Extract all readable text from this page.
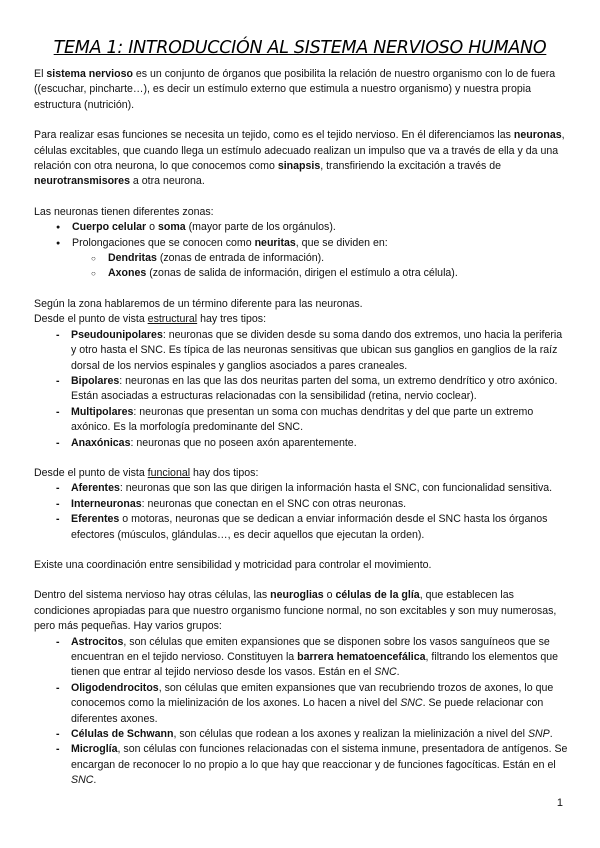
TEMA 1: INTRODUCCIÓN AL SISTEMA NERVIOSO HUMANO

El sistema nervioso es un conjunto de órganos que posibilita la relación de nuestro organismo con lo de fuera ((escuchar, pincharte…), es decir un estímulo externo que estimula a nuestro organismo) y nuestra propia estructura (nutrición).

Para realizar esas funciones se necesita un tejido, como es el tejido nervioso. En él diferenciamos las neuronas, células excitables, que cuando llega un estímulo adecuado realizan un impulso que va a través de ella y da una relación con otra neurona, lo que conocemos como sinapsis, transfiriendo la excitación a través de neurotransmisores a otra neurona.

Las neuronas tienen diferentes zonas:

● Cuerpo celular o soma (mayor parte de los orgánulos).
● Prolongaciones que se conocen como neuritas, que se dividen en:
○ Dendritas (zonas de entrada de información).
○ Axones (zonas de salida de información, dirigen el estímulo a otra célula).

Según la zona hablaremos de un término diferente para las neuronas.

Desde el punto de vista estructural hay tres tipos:

- Pseudounipolares: neuronas que se dividen desde su soma dando dos extremos, uno hacia la periferia y otro hasta el SNC. Es típica de las neuronas sensitivas que ubican sus ganglios en ganglios de la raíz dorsal de los nervios espinales y ganglios asociados a pares craneales.
- Bipolares: neuronas en las que las dos neuritas parten del soma, un extremo dendrítico y otro axónico. Están asociadas a estructuras relacionadas con la sensibilidad (retina, nervio coclear).
- Multipolares: neuronas que presentan un soma con muchas dendritas y del que parte un extremo axónico. Es la morfología predominante del SNC.
- Anaxónicas: neuronas que no poseen axón aparentemente.

Desde el punto de vista funcional hay dos tipos:

- Aferentes: neuronas que son las que dirigen la información hasta el SNC, con funcionalidad sensitiva.
- Interneuronas: neuronas que conectan en el SNC con otras neuronas.
- Eferentes o motoras, neuronas que se dedican a enviar información desde el SNC hasta los órganos efectores (músculos, glándulas…, es decir aquellos que ejecutan la orden).

Existe una coordinación entre sensibilidad y motricidad para controlar el movimiento.

Dentro del sistema nervioso hay otras células, las neuroglias o células de la glía, que establecen las condiciones apropiadas para que nuestro organismo funcione normal, no son excitables y son muy numerosas, pero más pequeñas. Hay varios grupos:

- Astrocitos, son células que emiten expansiones que se disponen sobre los vasos sanguíneos que se encuentran en el tejido nervioso. Constituyen la barrera hematoencefálica, filtrando los elementos que tienen que entrar al tejido nervioso desde los vasos. Están en el SNC.
- Oligodendrocitos, son células que emiten expansiones que van recubriendo trozos de axones, lo que conocemos como la mielinización de los axones. Lo hacen a nivel del SNC. Se puede relacionar con diferentes axones.
- Células de Schwann, son células que rodean a los axones y realizan la mielinización a nivel del SNP.
- Microglía, son células con funciones relacionadas con el sistema inmune, presentadora de antígenos. Se encargan de reconocer lo no propio a lo que hay que reaccionar y de funciones fagocíticas. Están en el SNC.
1
